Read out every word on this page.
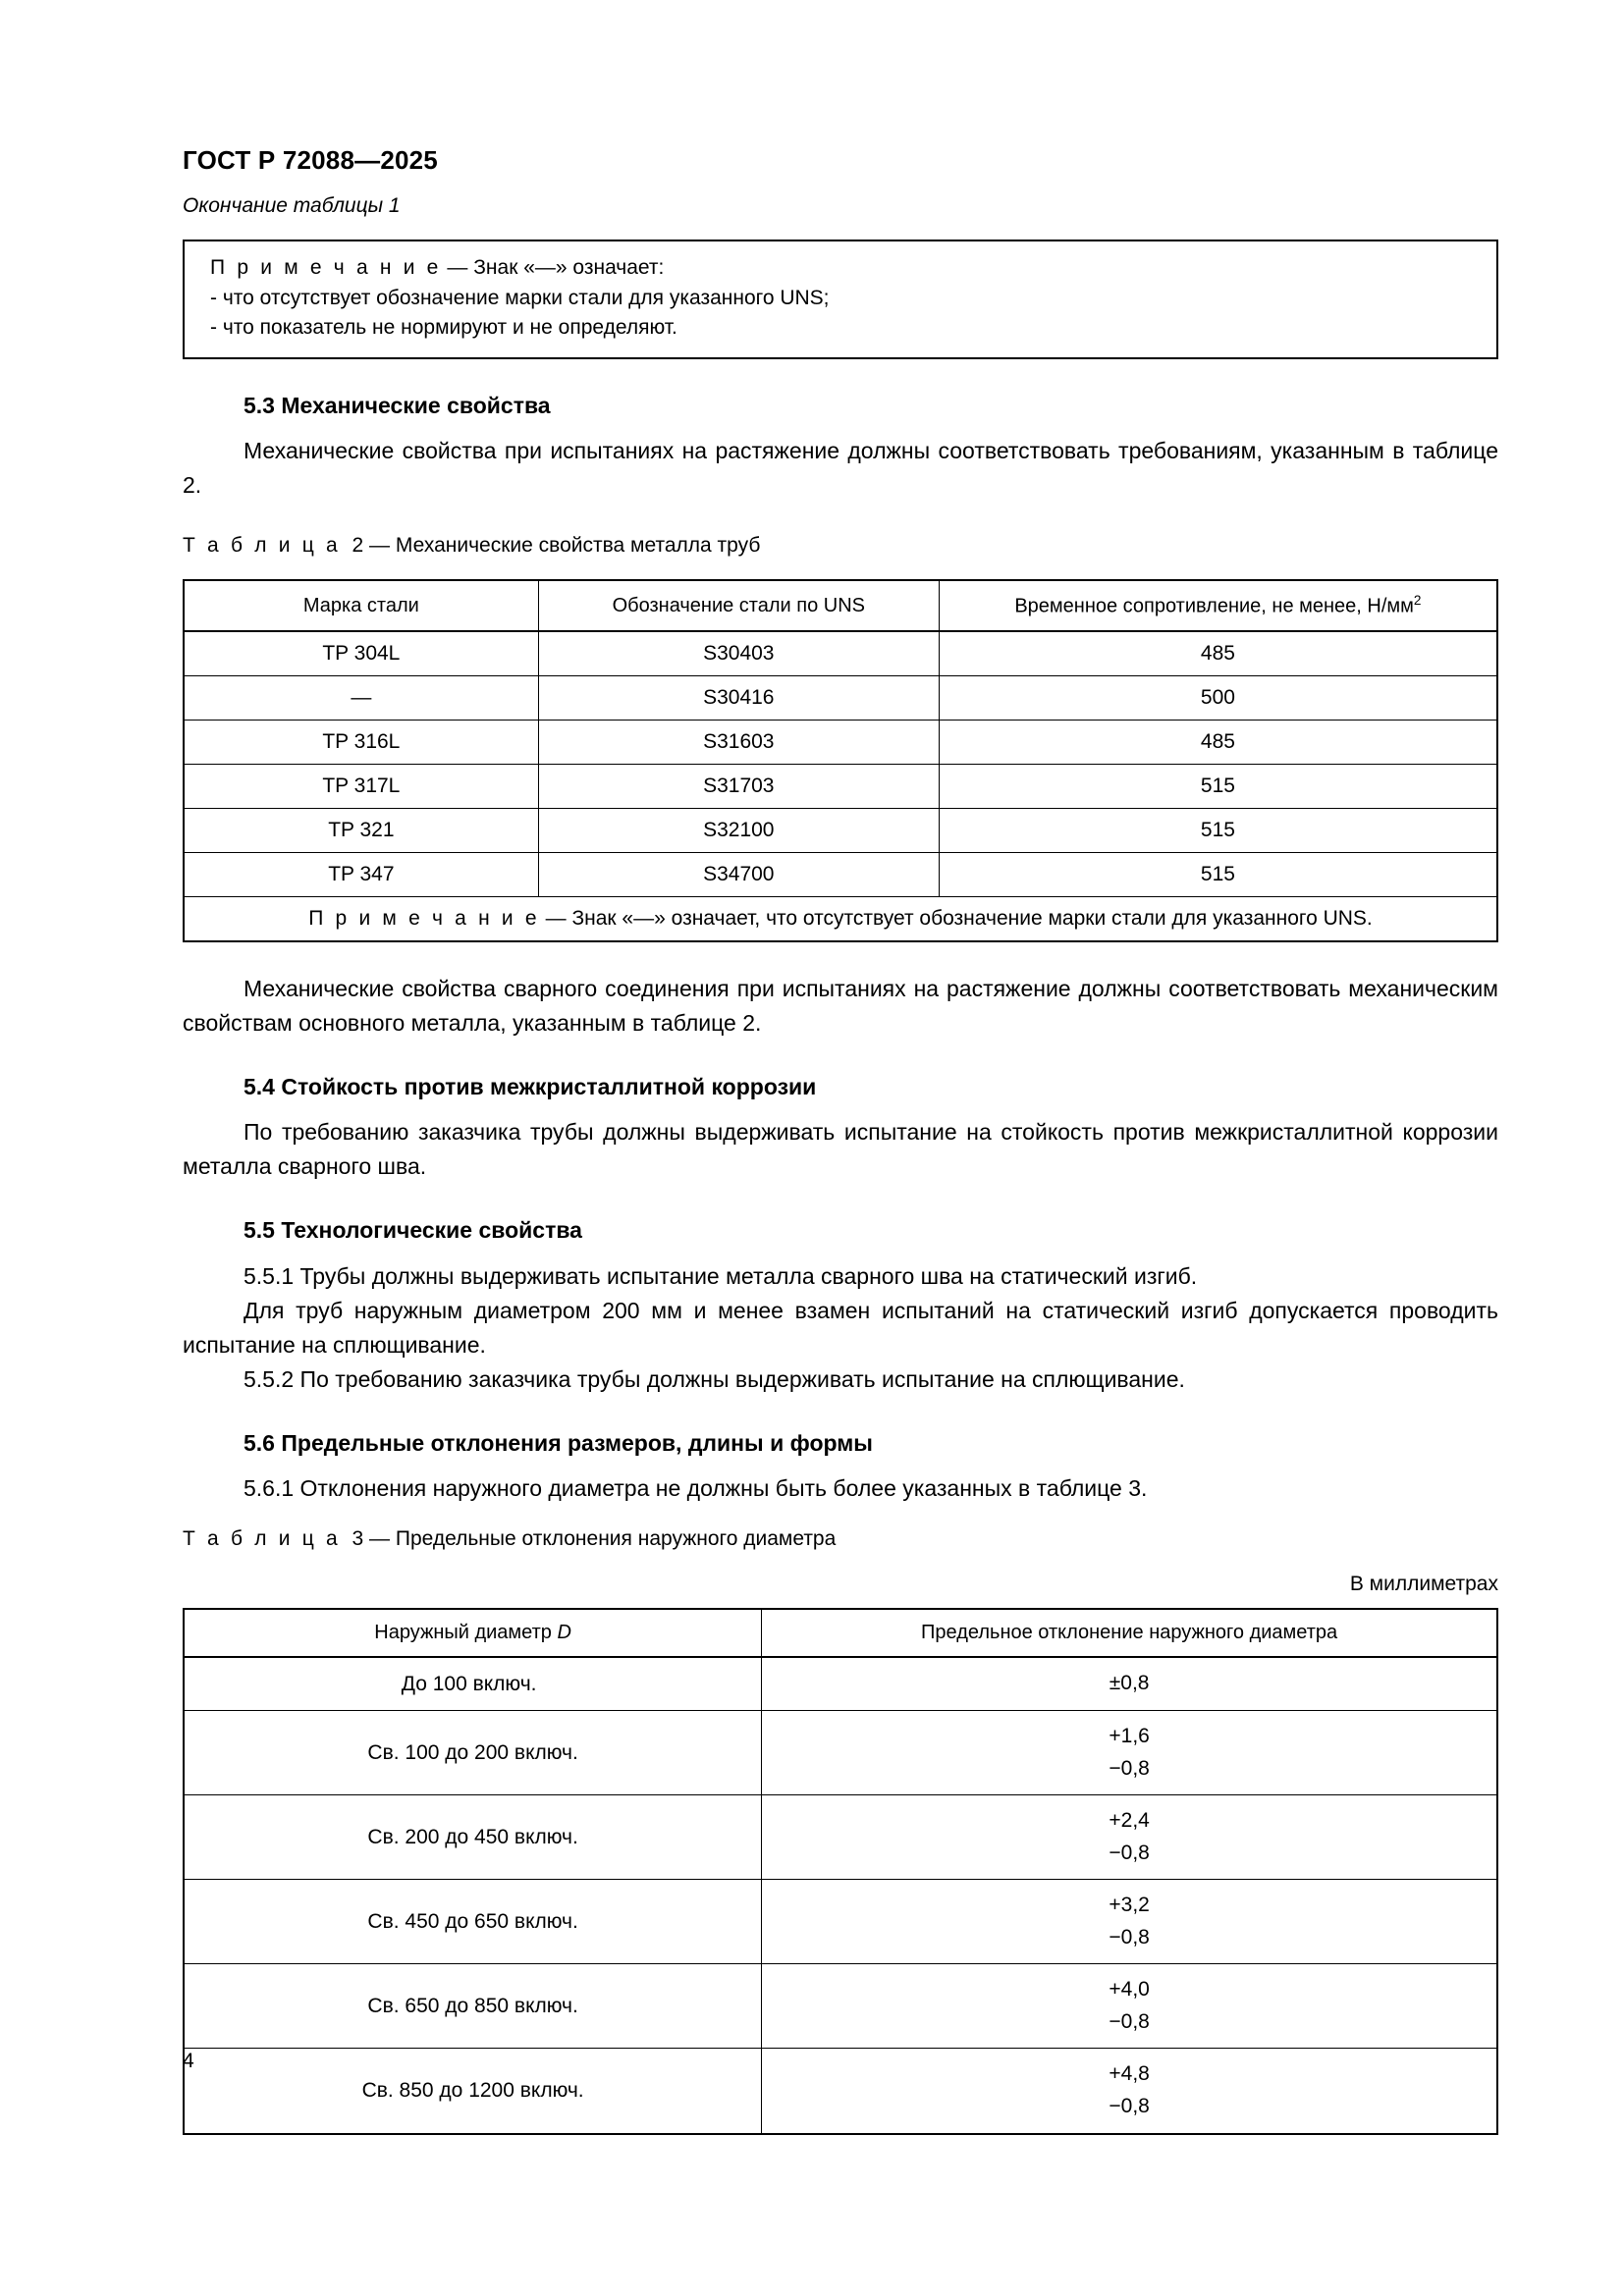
ГОСТ Р 72088—2025
Окончание таблицы 1

П р и м е ч а н и е — Знак «—» означает:

- что отсутствует обозначение марки стали для указанного UNS;

- что показатель не нормируют и не определяют.

5.3 Механические свойства

Механические свойства при испытаниях на растяжение должны соответствовать требованиям, указанным в таблице 2.

Т а б л и ц а 2 — Механические свойства металла труб
Марка стали	Обозначение стали по UNS	Временное сопротивление, не менее, $Н/мм^2$
TP 304L	S30403	485
—	S30416	500
TP 316L	S31603	485
TP 317L	S31703	515
TP 321	S32100	515
TP 347	S34700	515
П р и м е ч а н и е — Знак «—» означает, что отсутствует обозначение марки стали для указанного UNS.		

Механические свойства сварного соединения при испытаниях на растяжение должны соответствовать механическим свойствам основного металла, указанным в таблице 2.

5.4 Стойкость против межкристаллитной коррозии

По требованию заказчика трубы должны выдерживать испытание на стойкость против межкристаллитной коррозии металла сварного шва.

5.5 Технологические свойства

5.5.1 Трубы должны выдерживать испытание металла сварного шва на статический изгиб.

Для труб наружным диаметром 200 мм и менее взамен испытаний на статический изгиб допускается проводить испытание на сплющивание.

5.5.2 По требованию заказчика трубы должны выдерживать испытание на сплющивание.

5.6 Предельные отклонения размеров, длины и формы

5.6.1 Отклонения наружного диаметра не должны быть более указанных в таблице 3.

Т а б л и ц а 3 — Предельные отклонения наружного диаметра
В миллиметрах
Наружный диаметр D	Предельное отклонение наружного диаметра
До 100 включ.	±0,8
Св. 100 до 200 включ.	+1,6
−0,8
Св. 200 до 450 включ.	+2,4
−0,8
Св. 450 до 650 включ.	+3,2
−0,8
Св. 650 до 850 включ.	+4,0
−0,8
Св. 850 до 1200 включ.	+4,8
−0,8
4
